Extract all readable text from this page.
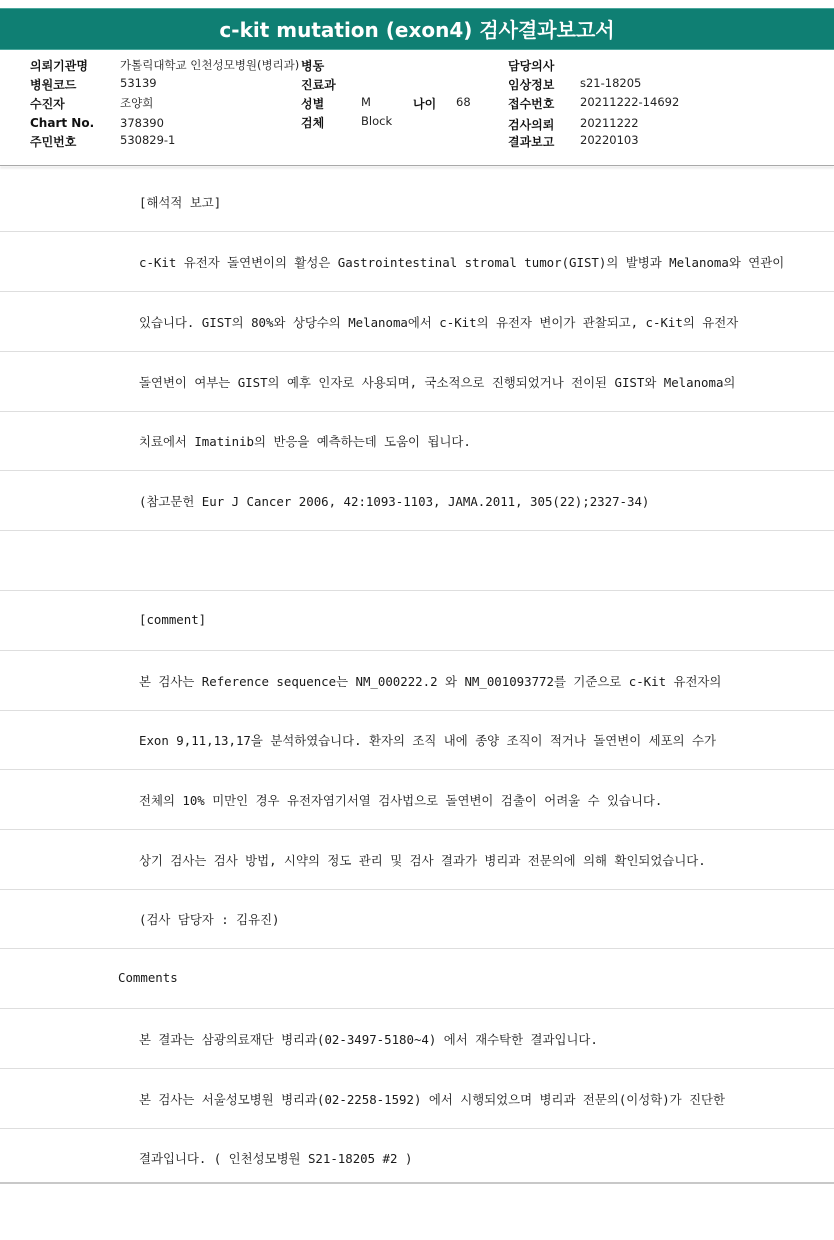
c-kit mutation (exon4) 검사결과보고서
의뢰기관명	가톨릭대학교 인천성모병원(병리과) 병동	담당의사
병원코드	53139	진료과	임상정보 s21-18205
수진자	조양희	성별	M	나이 68	접수번호 20211222-14692
Chart No. 378390	검체	Block	검사의뢰 20211222
주민번호	530829-1	결과보고 20220103
[해석적 보고]
c-Kit 유전자 돌연변이의 활성은 Gastrointestinal stromal tumor(GIST)의 발병과 Melanoma와 연관이
있습니다. GIST의 80%와 상당수의 Melanoma에서 c-Kit의 유전자 변이가 관찰되고, c-Kit의 유전자
돌연변이 여부는 GIST의 예후 인자로 사용되며, 국소적으로 진행되었거나 전이된 GIST와 Melanoma의
치료에서 Imatinib의 반응을 예측하는데 도움이 됩니다.
(참고문헌 Eur J Cancer 2006, 42:1093-1103, JAMA.2011, 305(22);2327-34)
[comment]
본 검사는 Reference sequence는 NM_000222.2 와 NM_001093772를 기준으로 c-Kit 유전자의
Exon 9,11,13,17을 분석하였습니다. 환자의 조직 내에 종양 조직이 적거나 돌연변이 세포의 수가
전체의 10% 미만인 경우 유전자염기서열 검사법으로 돌연변이 검출이 어려울 수 있습니다.
상기 검사는 검사 방법, 시약의 정도 관리 및 검사 결과가 병리과 전문의에 의해 확인되었습니다.
(검사 담당자 : 김유진)
Comments
본 결과는 삼광의료재단 병리과(02-3497-5180~4) 에서 재수탁한 결과입니다.
본 검사는 서울성모병원 병리과(02-2258-1592) 에서 시행되었으며 병리과 전문의(이성학)가 진단한
결과입니다. ( 인천성모병원 S21-18205 #2 )
